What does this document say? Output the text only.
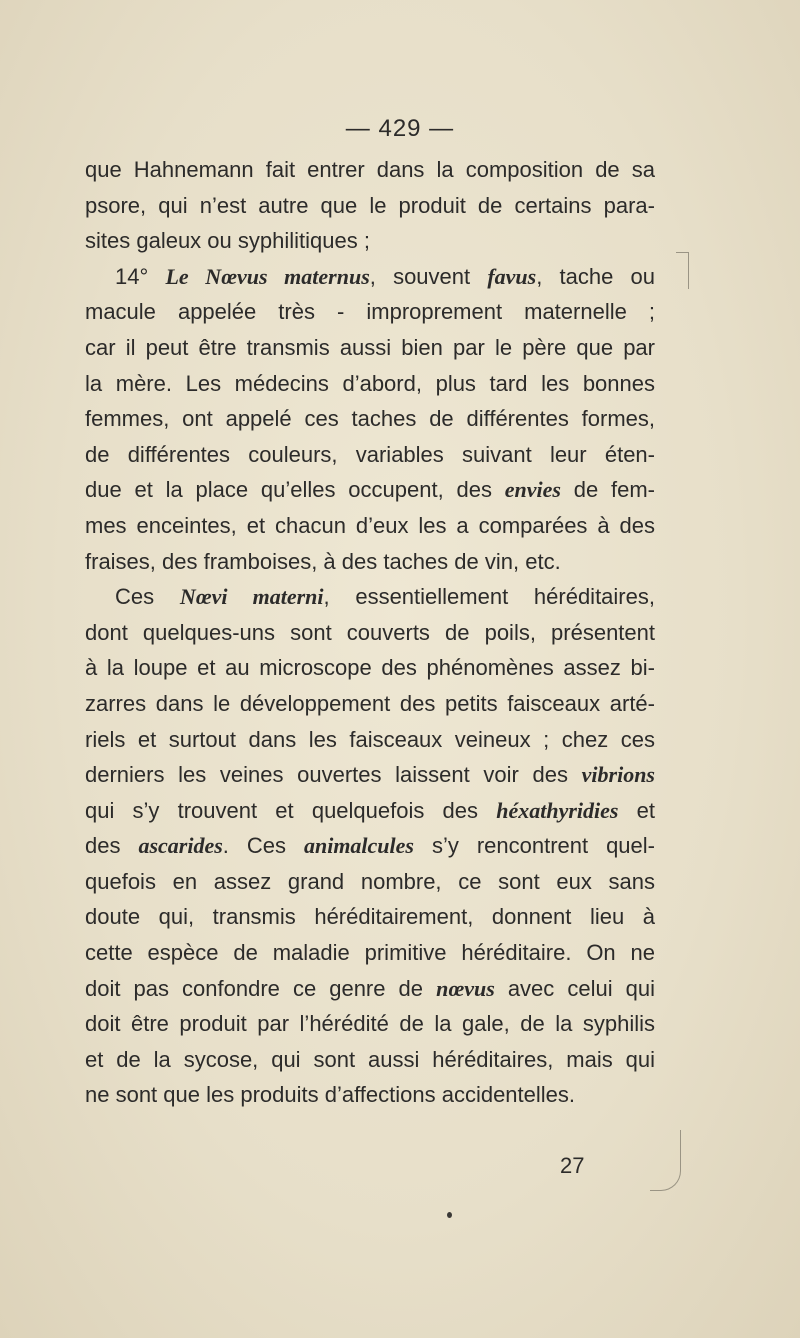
— 429 —
que Hahnemann fait entrer dans la composition de sa
psore, qui n’est autre que le produit de certains para-
sites galeux ou syphilitiques ;
14° Le Nœvus maternus, souvent favus, tache ou
macule appelée très - improprement maternelle ;
car il peut être transmis aussi bien par le père que par
la mère. Les médecins d’abord, plus tard les bonnes
femmes, ont appelé ces taches de différentes formes,
de différentes couleurs, variables suivant leur éten-
due et la place qu’elles occupent, des envies de fem-
mes enceintes, et chacun d’eux les a comparées à des
fraises, des framboises, à des taches de vin, etc.
Ces Nœvi materni, essentiellement héréditaires,
dont quelques-uns sont couverts de poils, présentent
à la loupe et au microscope des phénomènes assez bi-
zarres dans le développement des petits faisceaux arté-
riels et surtout dans les faisceaux veineux ; chez ces
derniers les veines ouvertes laissent voir des vibrions
qui s’y trouvent et quelquefois des héxathyridies et
des ascarides. Ces animalcules s’y rencontrent quel-
quefois en assez grand nombre, ce sont eux sans
doute qui, transmis héréditairement, donnent lieu à
cette espèce de maladie primitive héréditaire. On ne
doit pas confondre ce genre de nœvus avec celui qui
doit être produit par l’hérédité de la gale, de la syphilis
et de la sycose, qui sont aussi héréditaires, mais qui
ne sont que les produits d’affections accidentelles.
27
